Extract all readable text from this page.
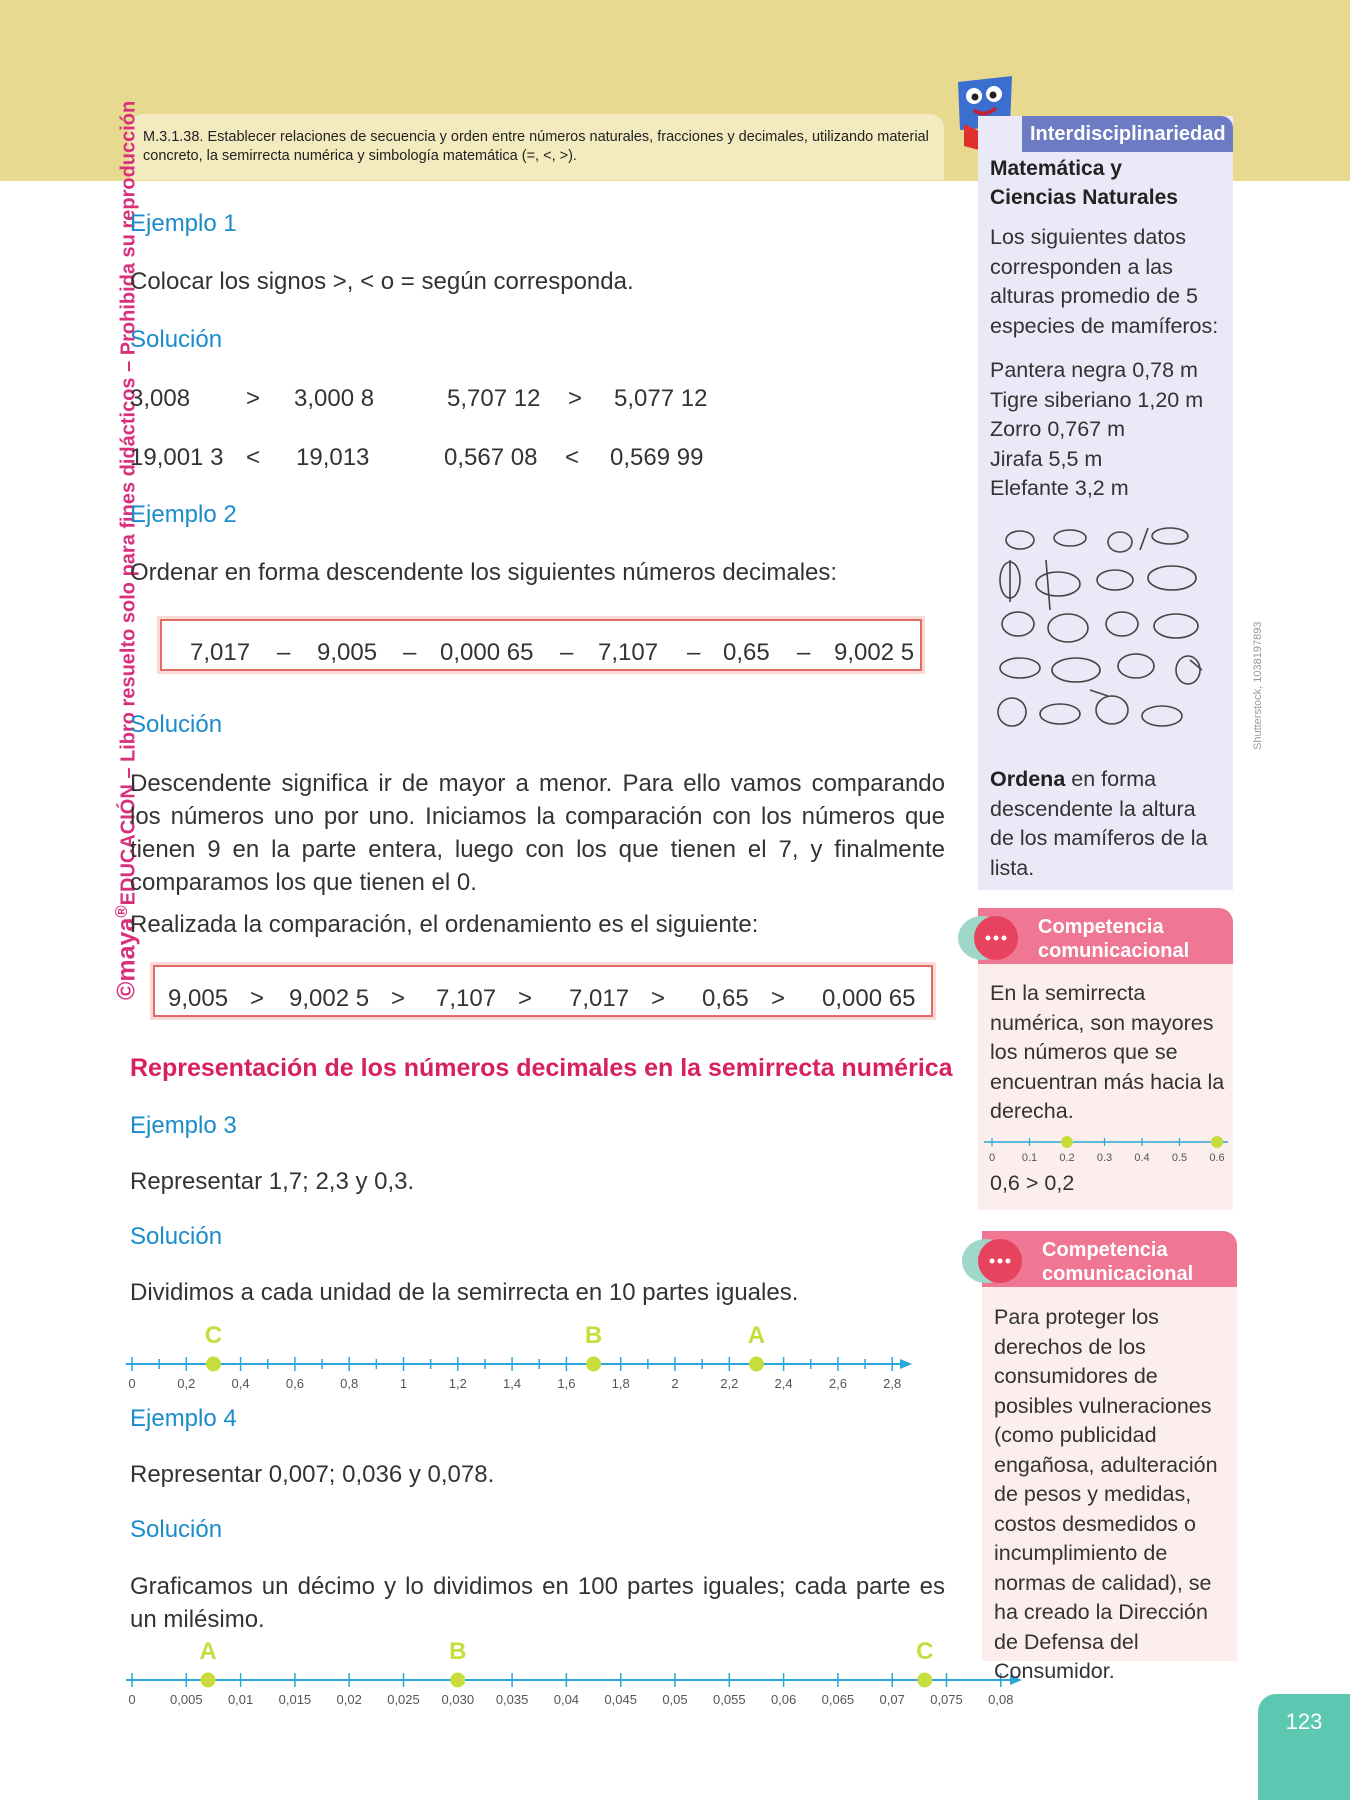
M.3.1.38. Establecer relaciones de secuencia y orden entre números naturales, fracciones y decimales, utilizando material concreto, la semirrecta numérica y simbología matemática (=, <, >).
©maya®EDUCACIÓN – Libro resuelto solo para fines didácticos – Prohibida su reproducción
Ejemplo 1
Colocar los signos >, < o = según corresponda.
Solución
3,008 > 3,000 8	5,707 12 > 5,077 12
19,001 3 < 19,013	0,567 08 < 0,569 99
Ejemplo 2
Ordenar en forma descendente los siguientes números decimales:
7,017 – 9,005 – 0,000 65 – 7,107 – 0,65 – 9,002 5
Solución
Descendente significa ir de mayor a menor. Para ello vamos comparando los números uno por uno. Iniciamos la comparación con los números que tienen 9 en la parte entera, luego con los que tienen el 7, y finalmente comparamos los que tienen el 0.
Realizada la comparación, el ordenamiento es el siguiente:
9,005 > 9,002 5 > 7,107 > 7,017 > 0,65 > 0,000 65
Representación de los números decimales en la semirrecta numérica
Ejemplo 3
Representar 1,7; 2,3 y 0,3.
Solución
Dividimos a cada unidad de la semirrecta en 10 partes iguales.
0	0,2	0,4	0,6	0,8	1	1,2	1,4	1,6	1,8	2	2,2	2,4	2,6	2,8
C	B	A
Ejemplo 4
Representar 0,007; 0,036 y 0,078.
Solución
Graficamos un décimo y lo dividimos en 100 partes iguales; cada parte es un milésimo.
0	0,005 0,01 0,015 0,02 0,025 0,030 0,035 0,04 0,045 0,05 0,055 0,06 0,065 0,07 0,075 0,08
A	B	C
Interdisciplinariedad
Matemática y
Ciencias Naturales
Los siguientes datos corresponden a las alturas promedio de 5 especies de mamíferos:
Pantera negra 0,78 m
Tigre siberiano 1,20 m
Zorro 0,767 m
Jirafa 5,5 m
Elefante 3,2 m
Ordena en forma descendente la altura de los mamíferos de la lista.
Shutterstock, 1038197893
Competencia
comunicacional
En la semirrecta numérica, son mayores los números que se encuentran más hacia la derecha.
0 0.1 0.2 0.3 0.4 0.5 0.6
0,6 > 0,2
Competencia
comunicacional
Para proteger los derechos de los consumidores de posibles vulneraciones (como publicidad engañosa, adulteración de pesos y medidas, costos desmedidos o incumplimiento de normas de calidad), se ha creado la Dirección de Defensa del Consumidor.
123
